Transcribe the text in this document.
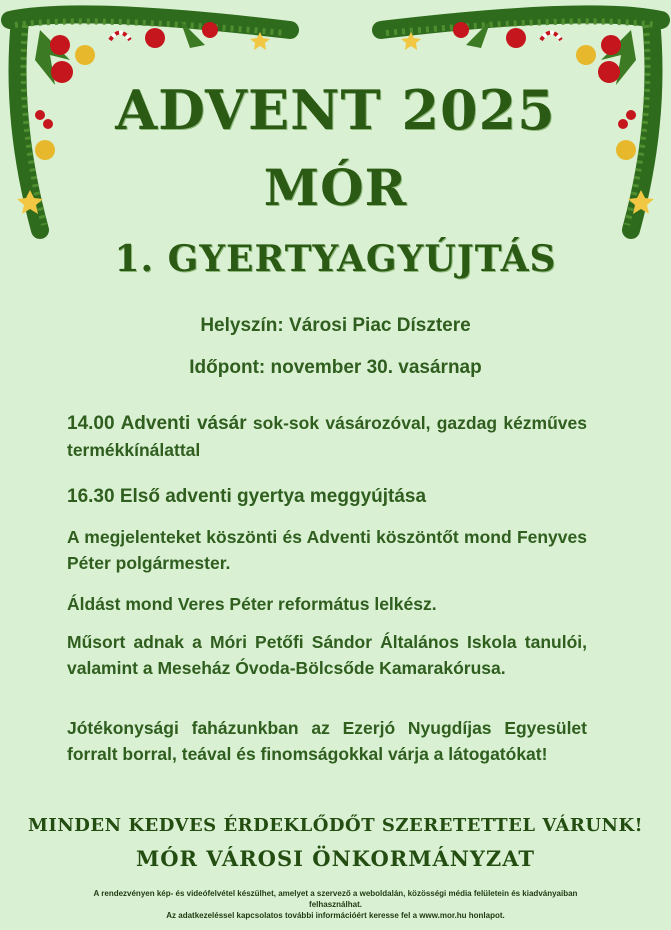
ADVENT 2025
MÓR
1. GYERTYAGYÚJTÁS
Helyszín: Városi Piac Dísztere
Időpont: november 30. vasárnap
14.00 Adventi vásár sok-sok vásározóval, gazdag kézműves termékkínálattal
16.30 Első adventi gyertya meggyújtása
A megjelenteket köszönti és Adventi köszöntőt mond Fenyves Péter polgármester.
Áldást mond Veres Péter református lelkész.
Műsort adnak a Móri Petőfi Sándor Általános Iskola tanulói, valamint a Meseház Óvoda-Bölcsőde Kamarakórusa.
Jótékonysági faházunkban az Ezerjó Nyugdíjas Egyesület forralt borral, teával és finomságokkal várja a látogatókat!
MINDEN KEDVES ÉRDEKLŐDŐT SZERETETTEL VÁRUNK!
MÓR VÁROSI ÖNKORMÁNYZAT
A rendezvényen kép- és videófelvétel készülhet, amelyet a szervező a weboldalán, közösségi média felületein és kiadványaiban felhasználhat.
Az adatkezeléssel kapcsolatos további információért keresse fel a www.mor.hu honlapot.
